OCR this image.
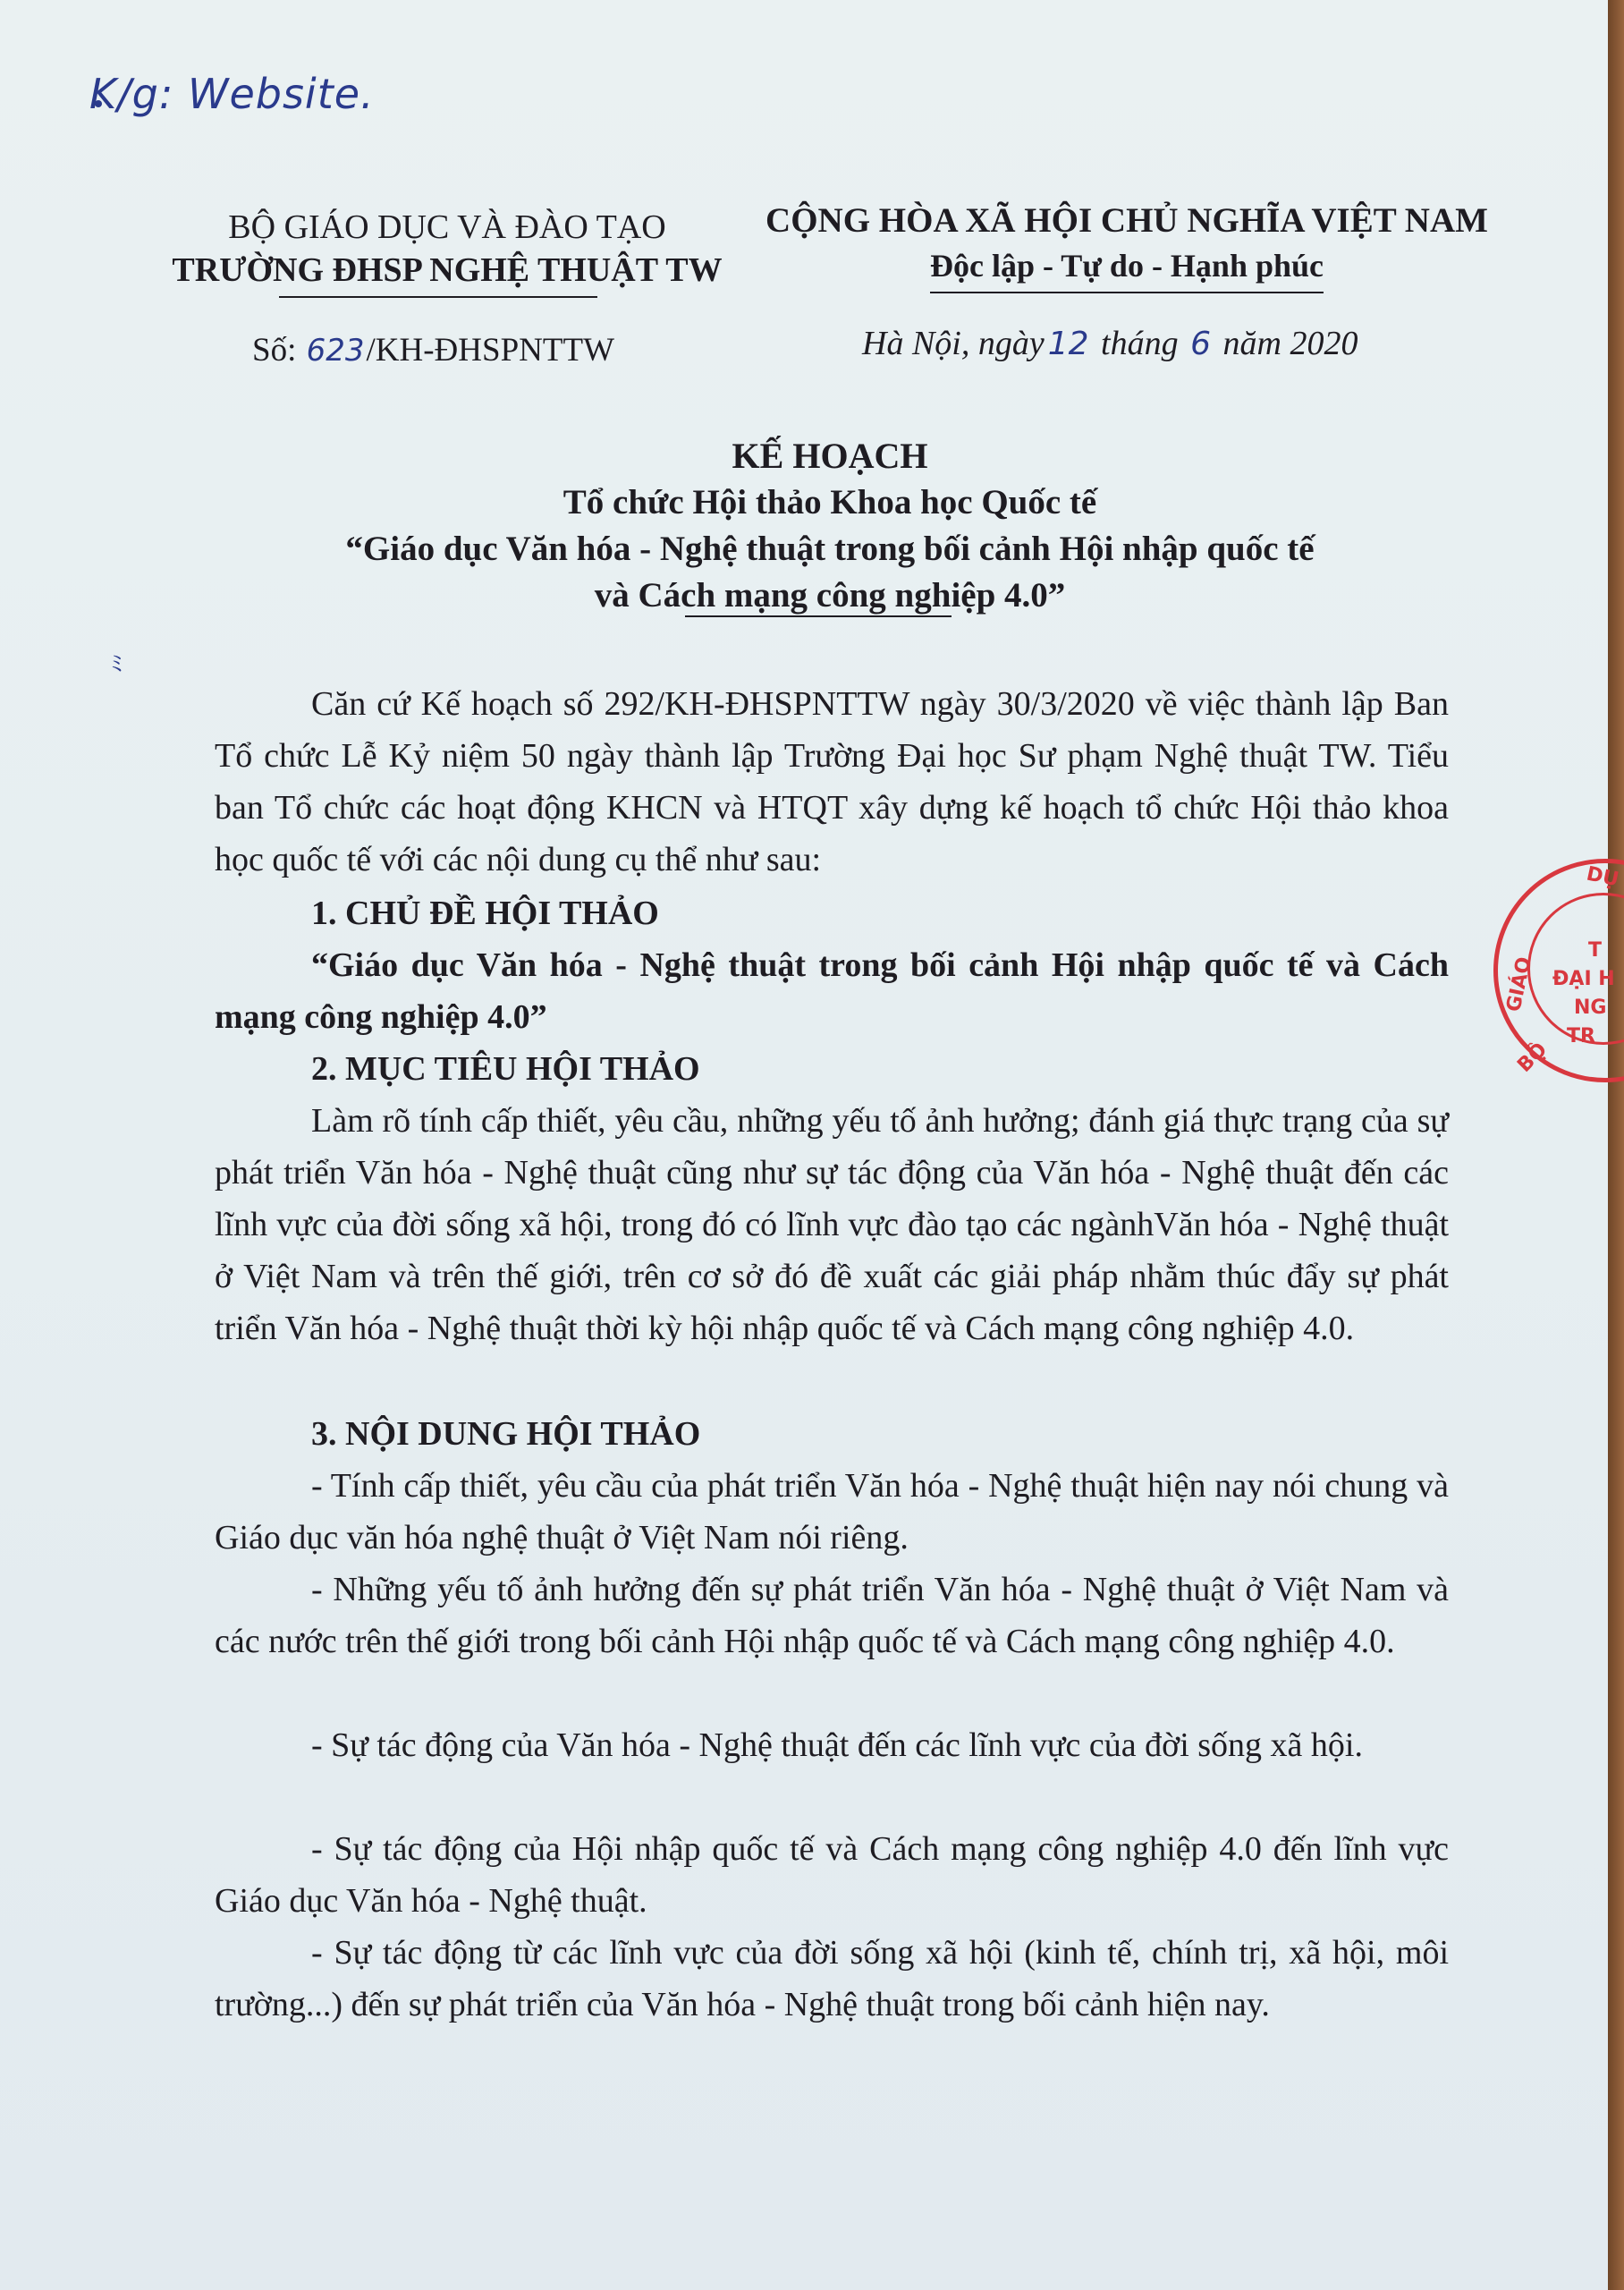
K/g: Website.
ﾐ
BỘ GIÁO DỤC VÀ ĐÀO TẠO
TRƯỜNG ĐHSP NGHỆ THUẬT TW
CỘNG HÒA XÃ HỘI CHỦ NGHĨA VIỆT NAM
Độc lập - Tự do - Hạnh phúc
Số: 623/KH-ĐHSPNTTW	Hà Nội, ngày 12 tháng 6 năm 2020
KẾ HOẠCH
Tổ chức Hội thảo Khoa học Quốc tế
“Giáo dục Văn hóa - Nghệ thuật trong bối cảnh Hội nhập quốc tế
và Cách mạng công nghiệp 4.0”
Căn cứ Kế hoạch số 292/KH-ĐHSPNTTW ngày 30/3/2020 về việc thành lập Ban Tổ chức Lễ Kỷ niệm 50 ngày thành lập Trường Đại học Sư phạm Nghệ thuật TW. Tiểu ban Tổ chức các hoạt động KHCN và HTQT xây dựng kế hoạch tổ chức Hội thảo khoa học quốc tế với các nội dung cụ thể như sau:
1. CHỦ ĐỀ HỘI THẢO
“Giáo dục Văn hóa - Nghệ thuật trong bối cảnh Hội nhập quốc tế và Cách mạng công nghiệp 4.0”
2. MỤC TIÊU HỘI THẢO
Làm rõ tính cấp thiết, yêu cầu, những yếu tố ảnh hưởng; đánh giá thực trạng của sự phát triển Văn hóa - Nghệ thuật cũng như sự tác động của Văn hóa - Nghệ thuật đến các lĩnh vực của đời sống xã hội, trong đó có lĩnh vực đào tạo các ngànhVăn hóa - Nghệ thuật ở Việt Nam và trên thế giới, trên cơ sở đó đề xuất các giải pháp nhằm thúc đẩy sự phát triển Văn hóa - Nghệ thuật thời kỳ hội nhập quốc tế và Cách mạng công nghiệp 4.0.
3. NỘI DUNG HỘI THẢO
- Tính cấp thiết, yêu cầu của phát triển Văn hóa - Nghệ thuật hiện nay nói chung và Giáo dục văn hóa nghệ thuật ở Việt Nam nói riêng.
- Những yếu tố ảnh hưởng đến sự phát triển Văn hóa - Nghệ thuật ở Việt Nam và các nước trên thế giới trong bối cảnh Hội nhập quốc tế và Cách mạng công nghiệp 4.0.
- Sự tác động của Văn hóa - Nghệ thuật đến các lĩnh vực của đời sống xã hội.
- Sự tác động của Hội nhập quốc tế và Cách mạng công nghiệp 4.0 đến lĩnh vực Giáo dục Văn hóa - Nghệ thuật.
- Sự tác động từ các lĩnh vực của đời sống xã hội (kinh tế, chính trị, xã hội, môi trường...) đến sự phát triển của Văn hóa - Nghệ thuật trong bối cảnh hiện nay.
DỤ
GIÁO
BỘ
T
ĐẠI H
NG
TR
